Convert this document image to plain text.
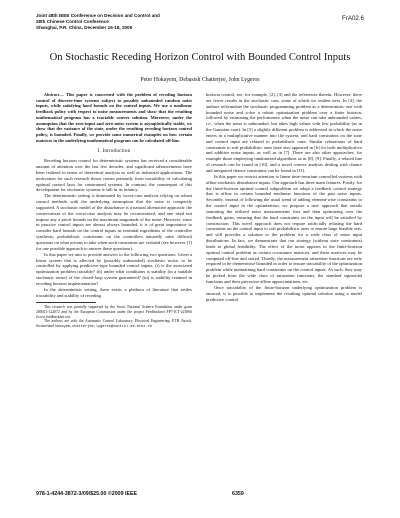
Joint 48th IEEE Conference on Decision and Control and
28th Chinese Control Conference
Shanghai, P.R. China, December 16-18, 2009
FrA02.6
On Stochastic Receding Horizon Control with Bounded Control Inputs
Peter Hokayem, Debasish Chatterjee, John Lygeros

Abstract— This paper is concerned with the problem of receding horizon control of discrete-time systems subject to possibly unbounded random noise inputs, while satisfying hard bounds on the control inputs. We use a nonlinear feedback policy with respect to noise measurements and show that the resulting mathematical program has a tractable convex solution. Moreover, under the assumption that the zero-input and zero-noise system is asymptotically stable, we show that the variance of the state, under the resulting receding horizon control policy, is bounded. Finally, we provide some numerical examples on how certain matrices in the underlying mathematical program can be calculated off-line.

I. Introduction

Receding horizon control for deterministic systems has received a considerable amount of attention over the last few decades, and significant advancements have been realized in terms of theoretical analysis as well as industrial applications. The motivation for such research thrust comes primarily from tractability of calculating optimal control laws for constrained systems. In contrast, the counterpart of this development for stochastic systems is still in its infancy.

The deterministic setting is dominated by worst-case analysis relying on robust control methods with the underlying assumption that the noise is compactly supported. A stochastic model of the disturbance is a natural alternative approach: the conservatism of the worst-case analysis may be circumvented, and one need not impose any a priori bounds on the maximum magnitude of the noise. However, since in practice control inputs are almost always bounded, it is of great importance to consider hard bounds on the control inputs as essential ingredients of the controller synthesis; probabilistic constraints on the controllers naturally raise difficult questions on what actions to take when such constraints are violated (see however [1] for one possible approach to answer these questions).

In this paper we aim to provide answers to the following two questions. Given a linear system that is affected by (possibly unbounded) stochastic noise, to be controlled by applying predictive-type bounded control inputs, (i) is the associated optimization problem tractable? (ii) under what conditions is stability (in a suitable stochastic sense) of the closed-loop system guaranteed? (iii) is stability retained in receding horizon implementation?

In the deterministic setting, there exists a plethora of literature that settles tractability and stability of receding

This research was partially supported by the Swiss National Science Foundation under grant 200021-122072 and by the European Commission under the project Feedbacknet FP7-ICT-223866 (www.feedbacknet.eu).

The authors are with the Automatic Control Laboratory, Electrical Engineering, ETH Zurich, Switzerland hokayem,chatterjee,lygeros@control.ee.ethz.ch

horizon control, see, for example, [2], [3] and the references therein. However, there are fewer results in the stochastic case, some of which we outline next. In [4], the authors reformulate the stochastic programming problem as a deterministic one with bounded noise and solve a robust optimization problem over a finite horizon, followed by estimating the performance when the noise can take unbounded values, i.e., when the noise is unbounded, but takes high values with low probability (as in the Gaussian case). In [5] a slightly different problem is addressed in which the noise enters in a multiplicative manner into the system, and hard constraints on the state and control input are relaxed to probabilistic ones. Similar relaxations of hard constraints to soft probabilistic ones have also appeared in [6] for both multiplicative and additive noise inputs, as well as in [7]. There are also other approaches, for example those employing randomized algorithms as in [8], [9]. Finally, a related line of research can be found in [10], and a novel convex analysis dealing with chance and integrated chance constraints can be found in [11].

In this paper we restrict attention to linear time-invariant controlled systems with affine stochastic disturbance inputs. Our approach has three main features. Firstly, for the finite-horizon optimal control subproblem we adopt a feedback control strategy that is affine in certain bounded nonlinear functions of the past noise inputs. Secondly, instead of following the usual trend of adding element-wise constraints to the control input in the optimization, we propose a new approach that entails saturating the utilized noise measurements first and then optimizing over the feedback gains, ensuring that the hard constraints on the input will be satisfied by construction. This novel approach does not require artificially relaxing the hard constraints on the control input to soft probabilistic ones to ensure large feasible sets, and still provides a solution to the problem for a wide class of noise input distributions. In fact, we demonstrate that our strategy (without state constraints) leads to global feasibility. The effect of the noise appears in the finite-horizon optimal control problem as certain covariance matrices, and these matrices may be computed off-line and stored. Thirdly, the measurement saturation functions are only required to be elementwise bounded in order to ensure tractability of the optimization problem while maintaining hard constraints on the control inputs. As such, they may be picked from the wide class of saturation functions, the standard sigmoidal functions and their piecewise affine approximations, etc.

Once tractability of the finite-horizon underlying optimization problem is ensured, it is possible to implement the resulting optimal solution using a model predictive control

978-1-4244-3872-3/09/$25.00 ©2009 IEEE	6359
